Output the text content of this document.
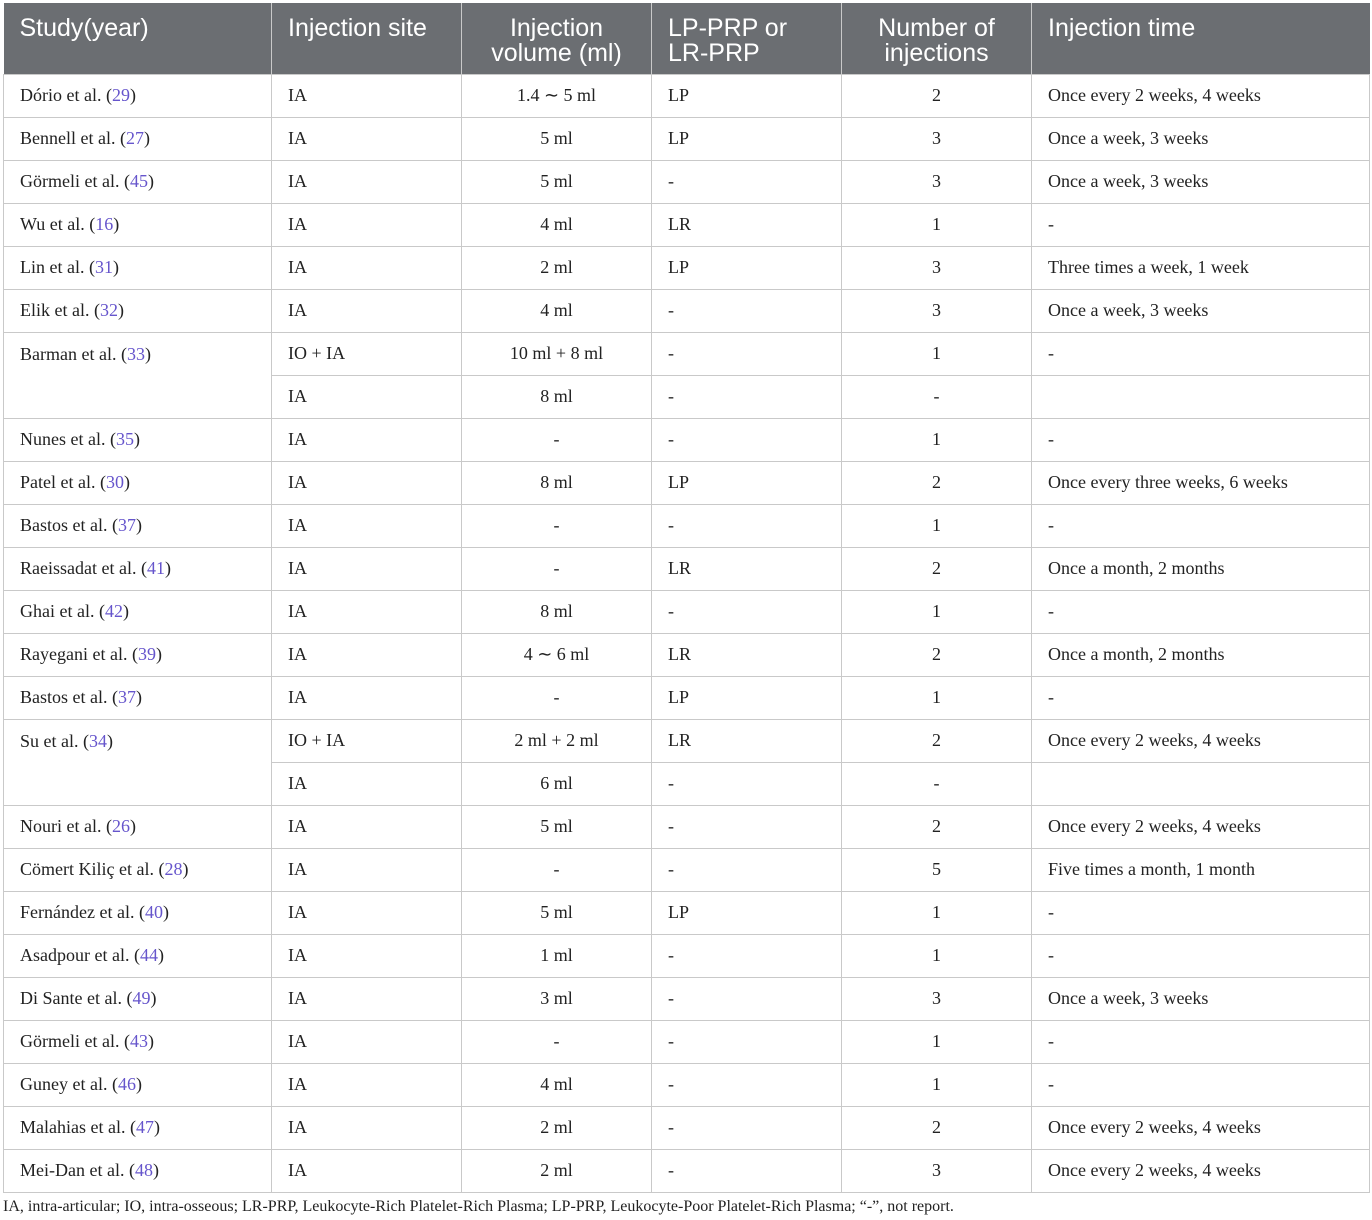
Study(year)	Injection site	Injection volume (ml)	LP-PRP or LR-PRP	Number of injections	Injection time
Dório et al. (29)	IA	1.4 ∼ 5 ml	LP	2	Once every 2 weeks, 4 weeks
Bennell et al. (27)	IA	5 ml	LP	3	Once a week, 3 weeks
Görmeli et al. (45)	IA	5 ml	-	3	Once a week, 3 weeks
Wu et al. (16)	IA	4 ml	LR	1	-
Lin et al. (31)	IA	2 ml	LP	3	Three times a week, 1 week
Elik et al. (32)	IA	4 ml	-	3	Once a week, 3 weeks
Barman et al. (33)	IO + IA	10 ml + 8 ml	-	1	-
	IA	8 ml	-	-	
Nunes et al. (35)	IA	-	-	1	-
Patel et al. (30)	IA	8 ml	LP	2	Once every three weeks, 6 weeks
Bastos et al. (37)	IA	-	-	1	-
Raeissadat et al. (41)	IA	-	LR	2	Once a month, 2 months
Ghai et al. (42)	IA	8 ml	-	1	-
Rayegani et al. (39)	IA	4 ∼ 6 ml	LR	2	Once a month, 2 months
Bastos et al. (37)	IA	-	LP	1	-
Su et al. (34)	IO + IA	2 ml + 2 ml	LR	2	Once every 2 weeks, 4 weeks
	IA	6 ml	-	-	
Nouri et al. (26)	IA	5 ml	-	2	Once every 2 weeks, 4 weeks
Cömert Kiliç et al. (28)	IA	-	-	5	Five times a month, 1 month
Fernández et al. (40)	IA	5 ml	LP	1	-
Asadpour et al. (44)	IA	1 ml	-	1	-
Di Sante et al. (49)	IA	3 ml	-	3	Once a week, 3 weeks
Görmeli et al. (43)	IA	-	-	1	-
Guney et al. (46)	IA	4 ml	-	1	-
Malahias et al. (47)	IA	2 ml	-	2	Once every 2 weeks, 4 weeks
Mei-Dan et al. (48)	IA	2 ml	-	3	Once every 2 weeks, 4 weeks
IA, intra-articular; IO, intra-osseous; LR-PRP, Leukocyte-Rich Platelet-Rich Plasma; LP-PRP, Leukocyte-Poor Platelet-Rich Plasma; “-”, not report.
